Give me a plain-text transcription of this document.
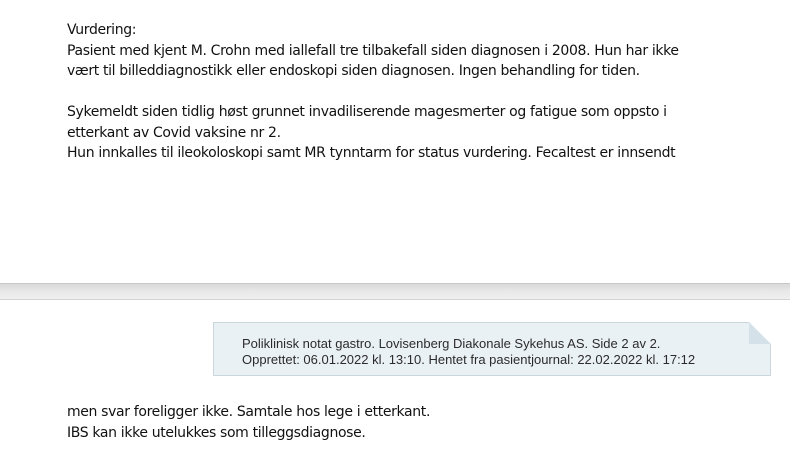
Vurdering:

Pasient med kjent M. Crohn med iallefall tre tilbakefall siden diagnosen i 2008. Hun har ikke

vært til billeddiagnostikk eller endoskopi siden diagnosen. Ingen behandling for tiden.

Sykemeldt siden tidlig høst grunnet invadiliserende magesmerter og fatigue som oppsto i

etterkant av Covid vaksine nr 2.

Hun innkalles til ileokoloskopi samt MR tynntarm for status vurdering. Fecaltest er innsendt

Poliklinisk notat gastro. Lovisenberg Diakonale Sykehus AS. Side 2 av 2.
Opprettet: 06.01.2022 kl. 13:10. Hentet fra pasientjournal: 22.02.2022 kl. 17:12

men svar foreligger ikke. Samtale hos lege i etterkant.

IBS kan ikke utelukkes som tilleggsdiagnose.
